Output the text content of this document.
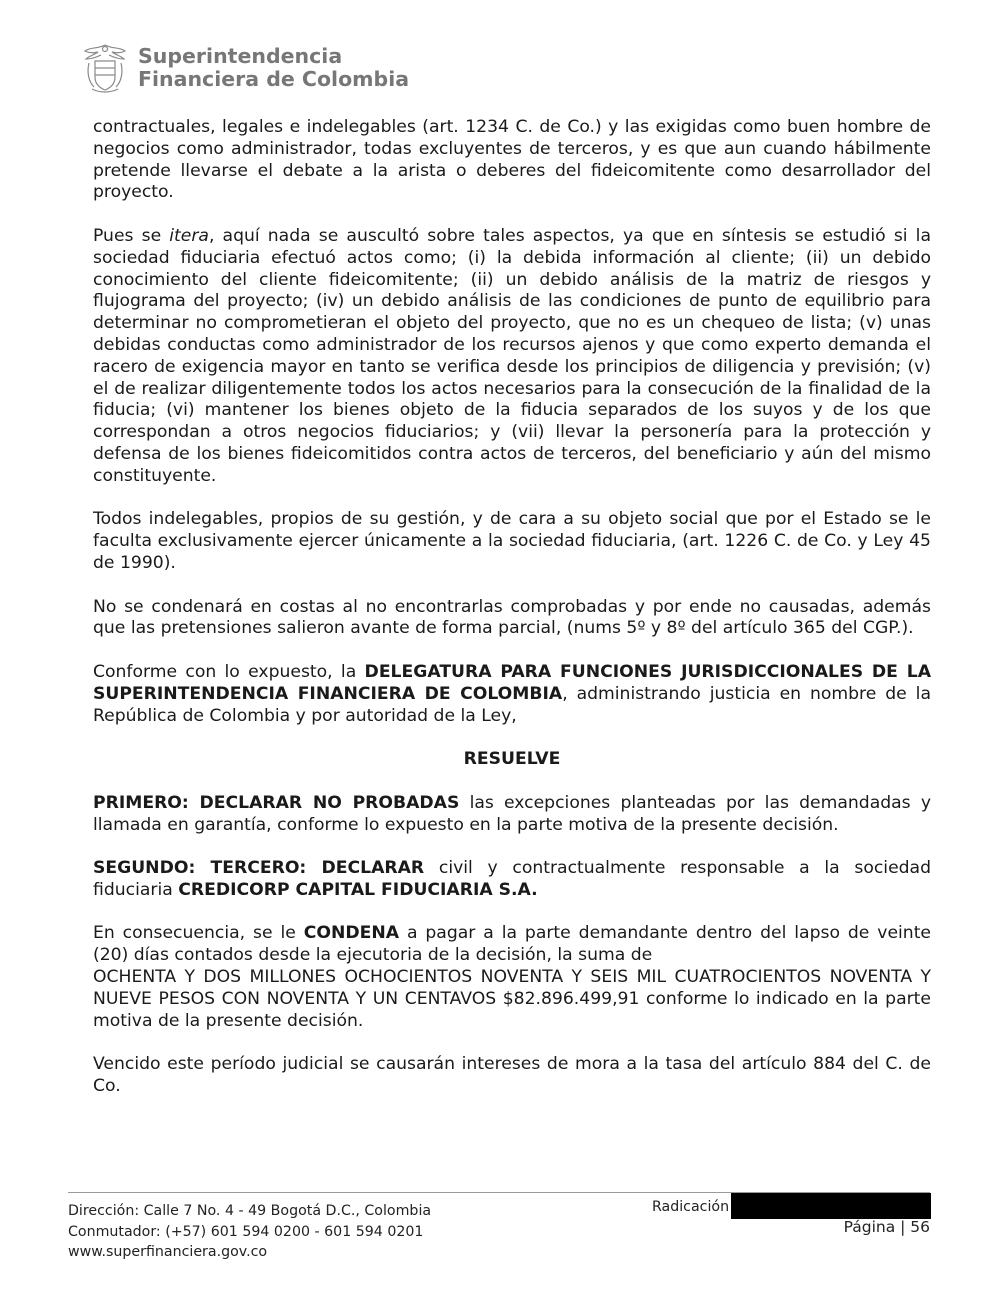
Superintendencia
Financiera de Colombia

contractuales, legales e indelegables (art. 1234 C. de Co.) y las exigidas como buen hombre de negocios como administrador, todas excluyentes de terceros, y es que aun cuando hábilmente pretende llevarse el debate a la arista o deberes del fideicomitente como desarrollador del proyecto.

Pues se itera, aquí nada se auscultó sobre tales aspectos, ya que en síntesis se estudió si la sociedad fiduciaria efectuó actos como; (i) la debida información al cliente; (ii) un debido conocimiento del cliente fideicomitente; (ii) un debido análisis de la matriz de riesgos y flujograma del proyecto; (iv) un debido análisis de las condiciones de punto de equilibrio para determinar no comprometieran el objeto del proyecto, que no es un chequeo de lista; (v) unas debidas conductas como administrador de los recursos ajenos y que como experto demanda el racero de exigencia mayor en tanto se verifica desde los principios de diligencia y previsión; (v) el de realizar diligentemente todos los actos necesarios para la consecución de la finalidad de la fiducia; (vi) mantener los bienes objeto de la fiducia separados de los suyos y de los que correspondan a otros negocios fiduciarios; y (vii) llevar la personería para la protección y defensa de los bienes fideicomitidos contra actos de terceros, del beneficiario y aún del mismo constituyente.

Todos indelegables, propios de su gestión, y de cara a su objeto social que por el Estado se le faculta exclusivamente ejercer únicamente a la sociedad fiduciaria, (art. 1226 C. de Co. y Ley 45 de 1990).

No se condenará en costas al no encontrarlas comprobadas y por ende no causadas, además que las pretensiones salieron avante de forma parcial, (nums 5º y 8º del artículo 365 del CGP.).

Conforme con lo expuesto, la DELEGATURA PARA FUNCIONES JURISDICCIONALES DE LA SUPERINTENDENCIA FINANCIERA DE COLOMBIA, administrando justicia en nombre de la República de Colombia y por autoridad de la Ley,

RESUELVE

PRIMERO: DECLARAR NO PROBADAS las excepciones planteadas por las demandadas y llamada en garantía, conforme lo expuesto en la parte motiva de la presente decisión.

SEGUNDO: TERCERO: DECLARAR civil y contractualmente responsable a la sociedad fiduciaria CREDICORP CAPITAL FIDUCIARIA S.A.

En consecuencia, se le CONDENA a pagar a la parte demandante dentro del lapso de veinte (20) días contados desde la ejecutoria de la decisión, la suma de
OCHENTA Y DOS MILLONES OCHOCIENTOS NOVENTA Y SEIS MIL CUATROCIENTOS NOVENTA Y NUEVE PESOS CON NOVENTA Y UN CENTAVOS $82.896.499,91 conforme lo indicado en la parte motiva de la presente decisión.

Vencido este período judicial se causarán intereses de mora a la tasa del artículo 884 del C. de Co.

Dirección: Calle 7 No. 4 - 49 Bogotá D.C., Colombia
Conmutador: (+57) 601 594 0200 - 601 594 0201
www.superfinanciera.gov.co
Radicación
Página | 56
